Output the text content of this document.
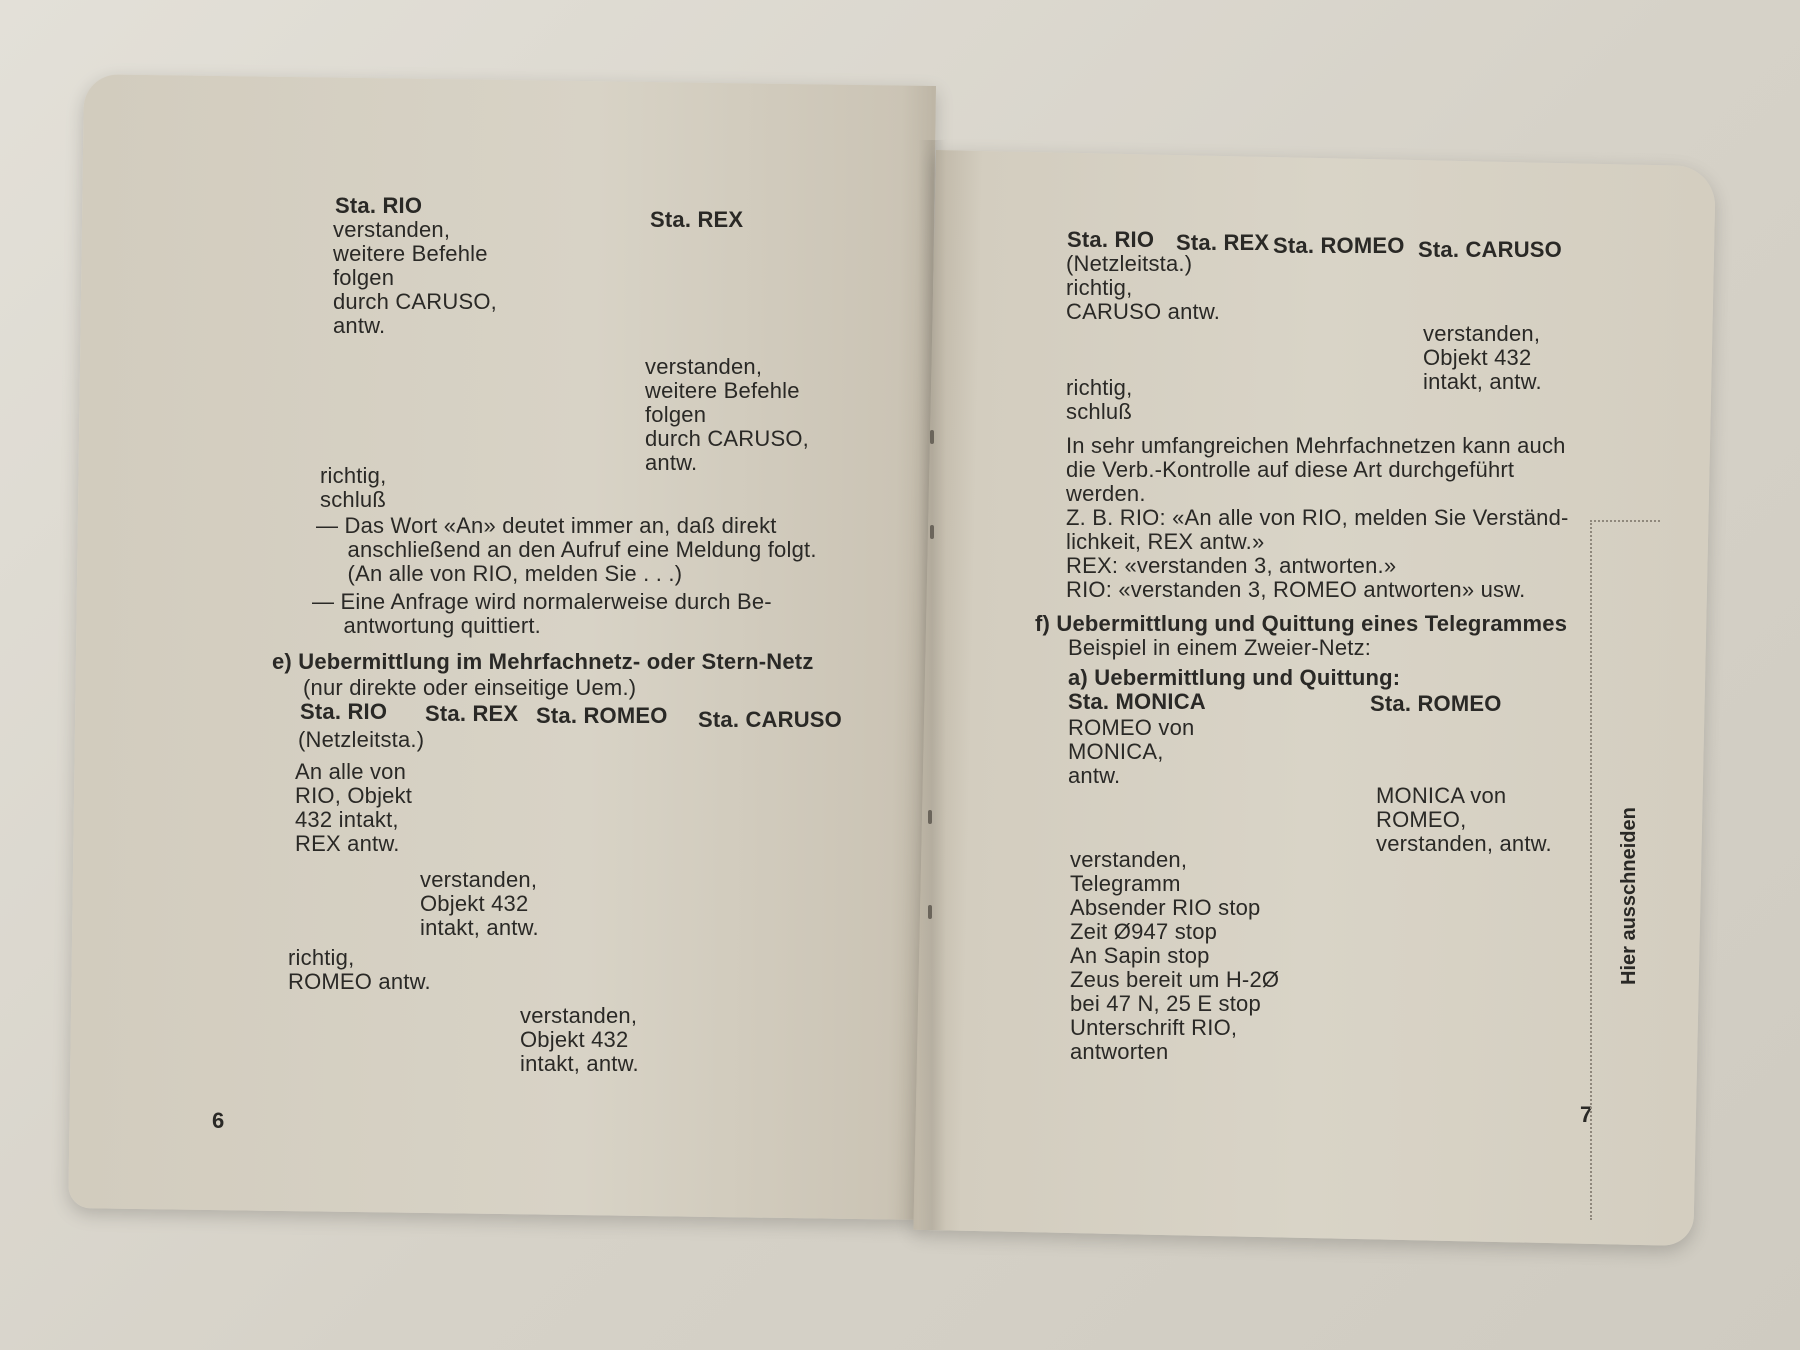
Sta. RIO
Sta. REX
verstanden,
weitere Befehle
folgen
durch CARUSO,
antw.
verstanden,
weitere Befehle
folgen
durch CARUSO,
antw.
richtig,
schluß
— Das Wort «An» deutet immer an, daß direkt
anschließend an den Aufruf eine Meldung folgt.
(An alle von RIO, melden Sie . . .)
— Eine Anfrage wird normalerweise durch Be-
antwortung quittiert.
e) Uebermittlung im Mehrfachnetz- oder Stern-Netz
(nur direkte oder einseitige Uem.)
Sta. RIO Sta. REX Sta. ROMEO Sta. CARUSO
(Netzleitsta.)
An alle von
RIO, Objekt
432 intakt,
REX antw.
verstanden,
Objekt 432
intakt, antw.
richtig,
ROMEO antw.
verstanden,
Objekt 432
intakt, antw.
6
Sta. RIO Sta. REX Sta. ROMEO Sta. CARUSO
(Netzleitsta.)
richtig,
CARUSO antw.
verstanden,
Objekt 432
intakt, antw.
richtig,
schluß
In sehr umfangreichen Mehrfachnetzen kann auch
die Verb.-Kontrolle auf diese Art durchgeführt
werden.
Z. B. RIO: «An alle von RIO, melden Sie Verständ-
lichkeit, REX antw.»
REX: «verstanden 3, antworten.»
RIO: «verstanden 3, ROMEO antworten» usw.
f) Uebermittlung und Quittung eines Telegrammes
Beispiel in einem Zweier-Netz:
a) Uebermittlung und Quittung:
Sta. MONICA	Sta. ROMEO
ROMEO von
MONICA,
antw.
MONICA von
ROMEO,
verstanden, antw.
verstanden,
Telegramm
Absender RIO stop
Zeit Ø947 stop
An Sapin stop
Zeus bereit um H-2Ø
bei 47 N, 25 E stop
Unterschrift RIO,
antworten
7
Hier ausschneiden
